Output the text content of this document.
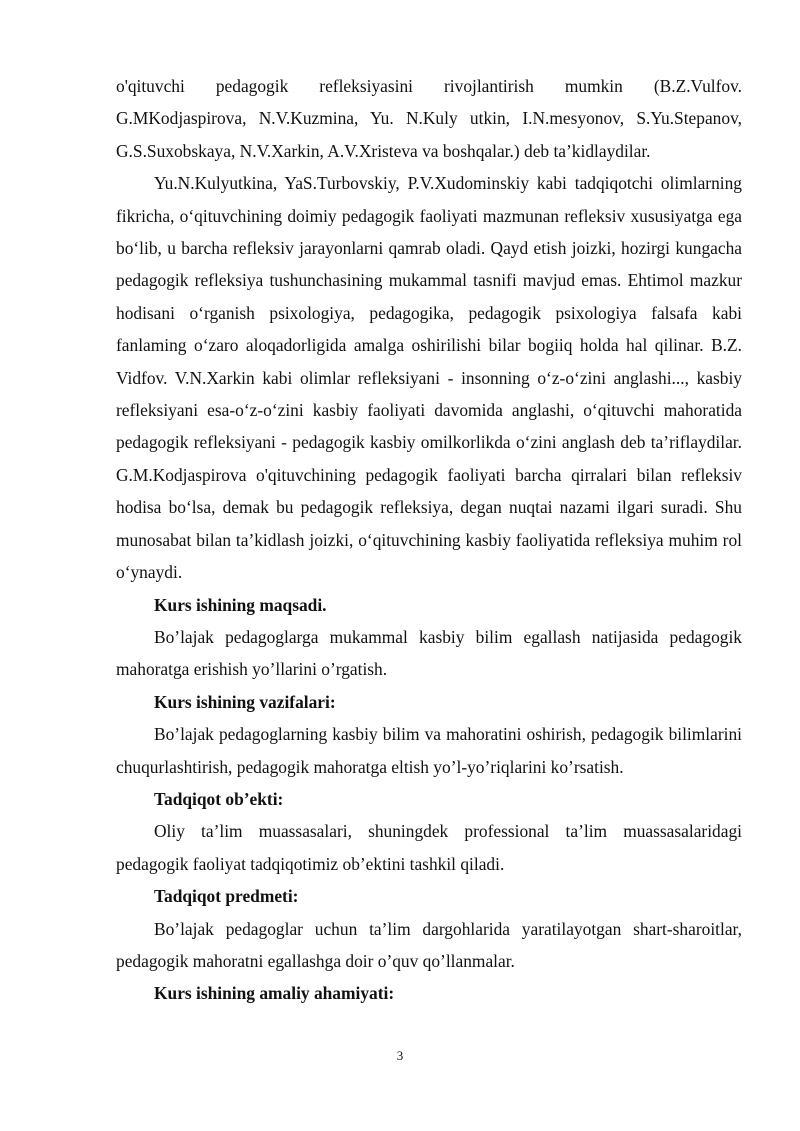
o'qituvchi pedagogik refleksiyasini rivojlantirish mumkin (B.Z.Vulfov. G.MKodjaspirova, N.V.Kuzmina, Yu. N.Kuly utkin, I.N.mesyonov, S.Yu.Stepanov, G.S.Suxobskaya, N.V.Xarkin, A.V.Xristeva va boshqalar.) deb ta’kidlaydilar.

Yu.N.Kulyutkina, YaS.Turbovskiy, P.V.Xudominskiy kabi tadqiqotchi olimlarning fikricha, o‘qituvchining doimiy pedagogik faoliyati mazmunan refleksiv xususiyatga ega bo‘lib, u barcha refleksiv jarayonlarni qamrab oladi. Qayd etish joizki, hozirgi kungacha pedagogik refleksiya tushunchasining mukammal tasnifi mavjud emas. Ehtimol mazkur hodisani o‘rganish psixologiya, pedagogika, pedagogik psixologiya falsafa kabi fanlaming o‘zaro aloqadorligida amalga oshirilishi bilar bogiiq holda hal qilinar. B.Z. Vidfov. V.N.Xarkin kabi olimlar refleksiyani - insonning o‘z-o‘zini anglashi..., kasbiy refleksiyani esa-o‘z-o‘zini kasbiy faoliyati davomida anglashi, o‘qituvchi mahoratida pedagogik refleksiyani - pedagogik kasbiy omilkorlikda o‘zini anglash deb ta’riflaydilar. G.M.Kodjaspirova o'qituvchining pedagogik faoliyati barcha qirralari bilan refleksiv hodisa bo‘lsa, demak bu pedagogik refleksiya, degan nuqtai nazami ilgari suradi. Shu munosabat bilan ta’kidlash joizki, o‘qituvchining kasbiy faoliyatida refleksiya muhim rol o‘ynaydi.

Kurs ishining maqsadi.

Bo’lajak pedagoglarga mukammal kasbiy bilim egallash natijasida pedagogik mahoratga erishish yo’llarini o’rgatish.

Kurs ishining vazifalari:

Bo’lajak pedagoglarning kasbiy bilim va mahoratini oshirish, pedagogik bilimlarini chuqurlashtirish, pedagogik mahoratga eltish yo’l-yo’riqlarini ko’rsatish.

Tadqiqot ob’ekti:

Oliy ta’lim muassasalari, shuningdek professional ta’lim muassasalaridagi pedagogik faoliyat tadqiqotimiz ob’ektini tashkil qiladi.

Tadqiqot predmeti:

Bo’lajak pedagoglar uchun ta’lim dargohlarida yaratilayotgan shart-sharoitlar, pedagogik mahoratni egallashga doir o’quv qo’llanmalar.

Kurs ishining amaliy ahamiyati:

3
